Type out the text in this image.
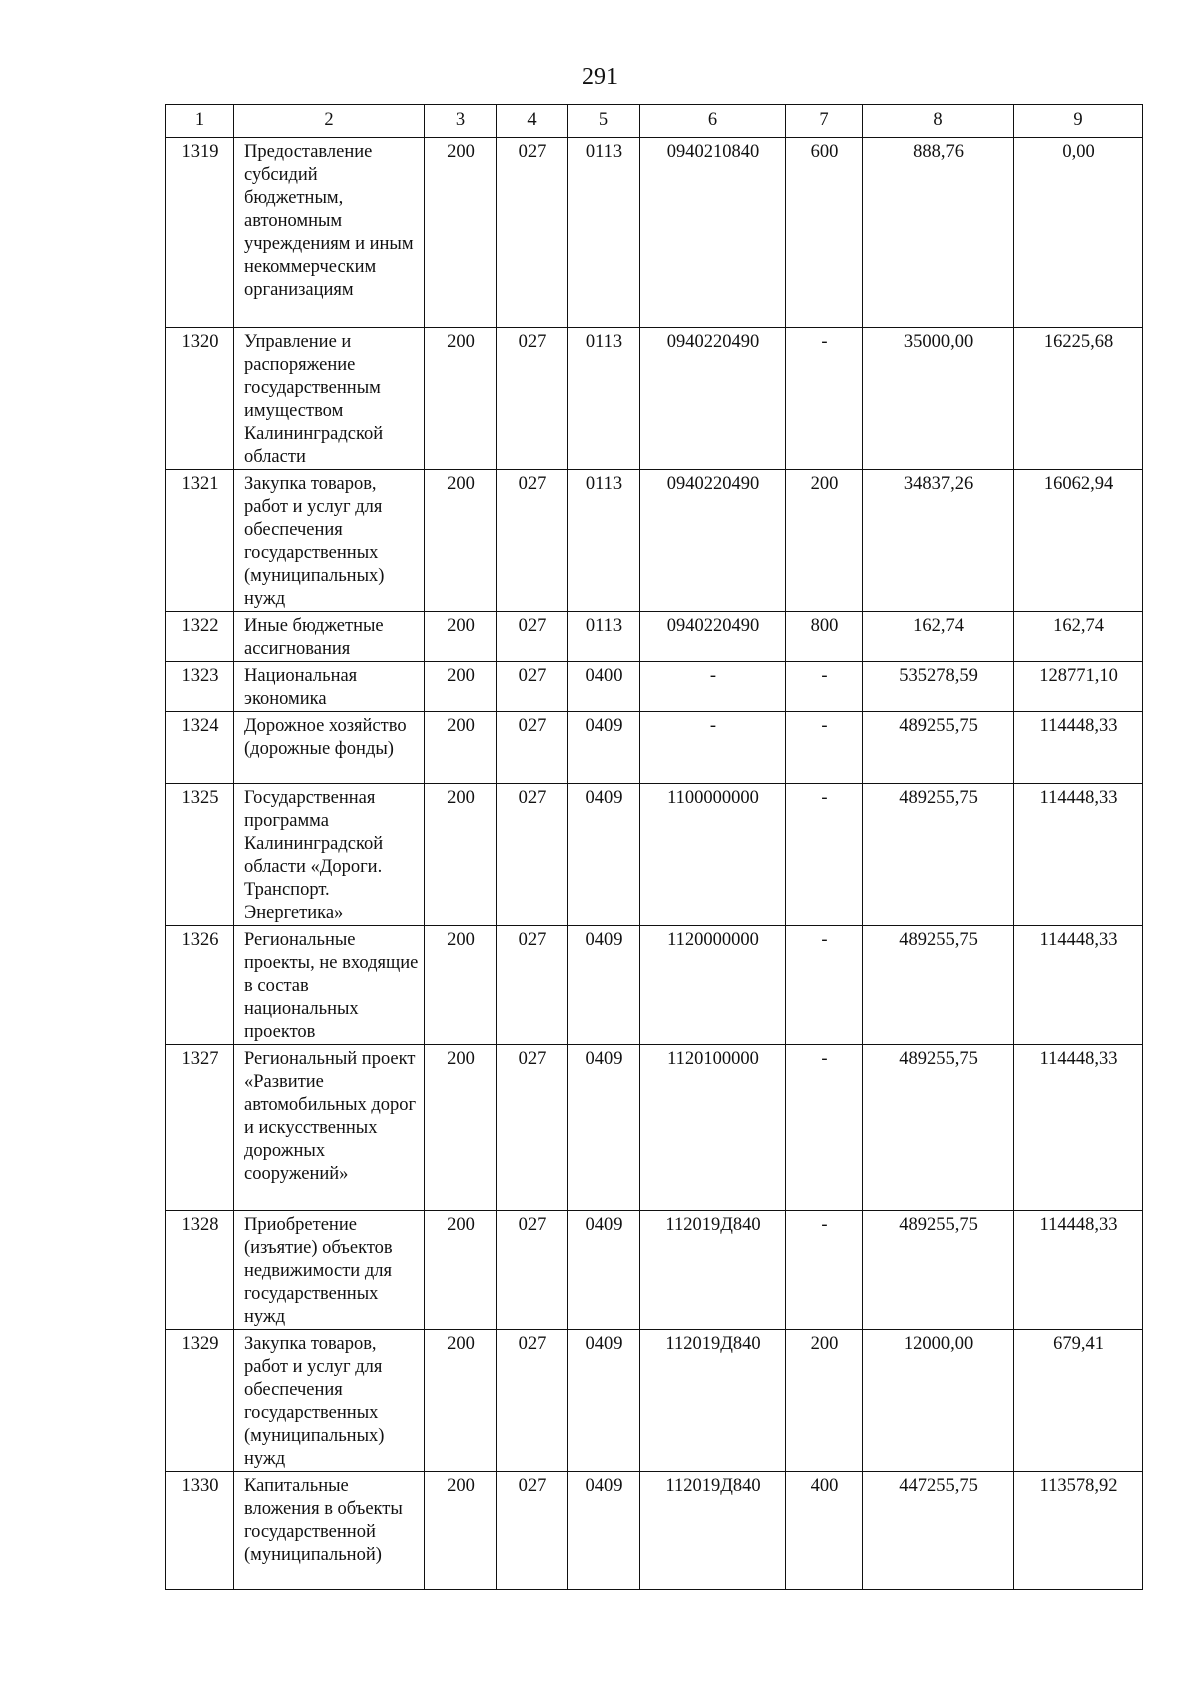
291
1	2	3	4	5	6	7	8	9
1319	Предоставление субсидий бюджетным, автономным учреждениям и иным некоммерческим организациям	200	027	0113	0940210840	600	888,76	0,00
1320	Управление и распоряжение государственным имуществом Калининградской области	200	027	0113	0940220490	-	35000,00	16225,68
1321	Закупка товаров, работ и услуг для обеспечения государственных (муниципальных) нужд	200	027	0113	0940220490	200	34837,26	16062,94
1322	Иные бюджетные ассигнования	200	027	0113	0940220490	800	162,74	162,74
1323	Национальная экономика	200	027	0400	-	-	535278,59	128771,10
1324	Дорожное хозяйство (дорожные фонды)	200	027	0409	-	-	489255,75	114448,33
1325	Государственная программа Калининградской области «Дороги. Транспорт. Энергетика»	200	027	0409	1100000000	-	489255,75	114448,33
1326	Региональные проекты, не входящие в состав национальных проектов	200	027	0409	1120000000	-	489255,75	114448,33
1327	Региональный проект «Развитие автомобильных дорог и искусственных дорожных сооружений»	200	027	0409	1120100000	-	489255,75	114448,33
1328	Приобретение (изъятие) объектов недвижимости для государственных нужд	200	027	0409	112019Д840	-	489255,75	114448,33
1329	Закупка товаров, работ и услуг для обеспечения государственных (муниципальных) нужд	200	027	0409	112019Д840	200	12000,00	679,41
1330	Капитальные вложения в объекты государственной (муниципальной)	200	027	0409	112019Д840	400	447255,75	113578,92
